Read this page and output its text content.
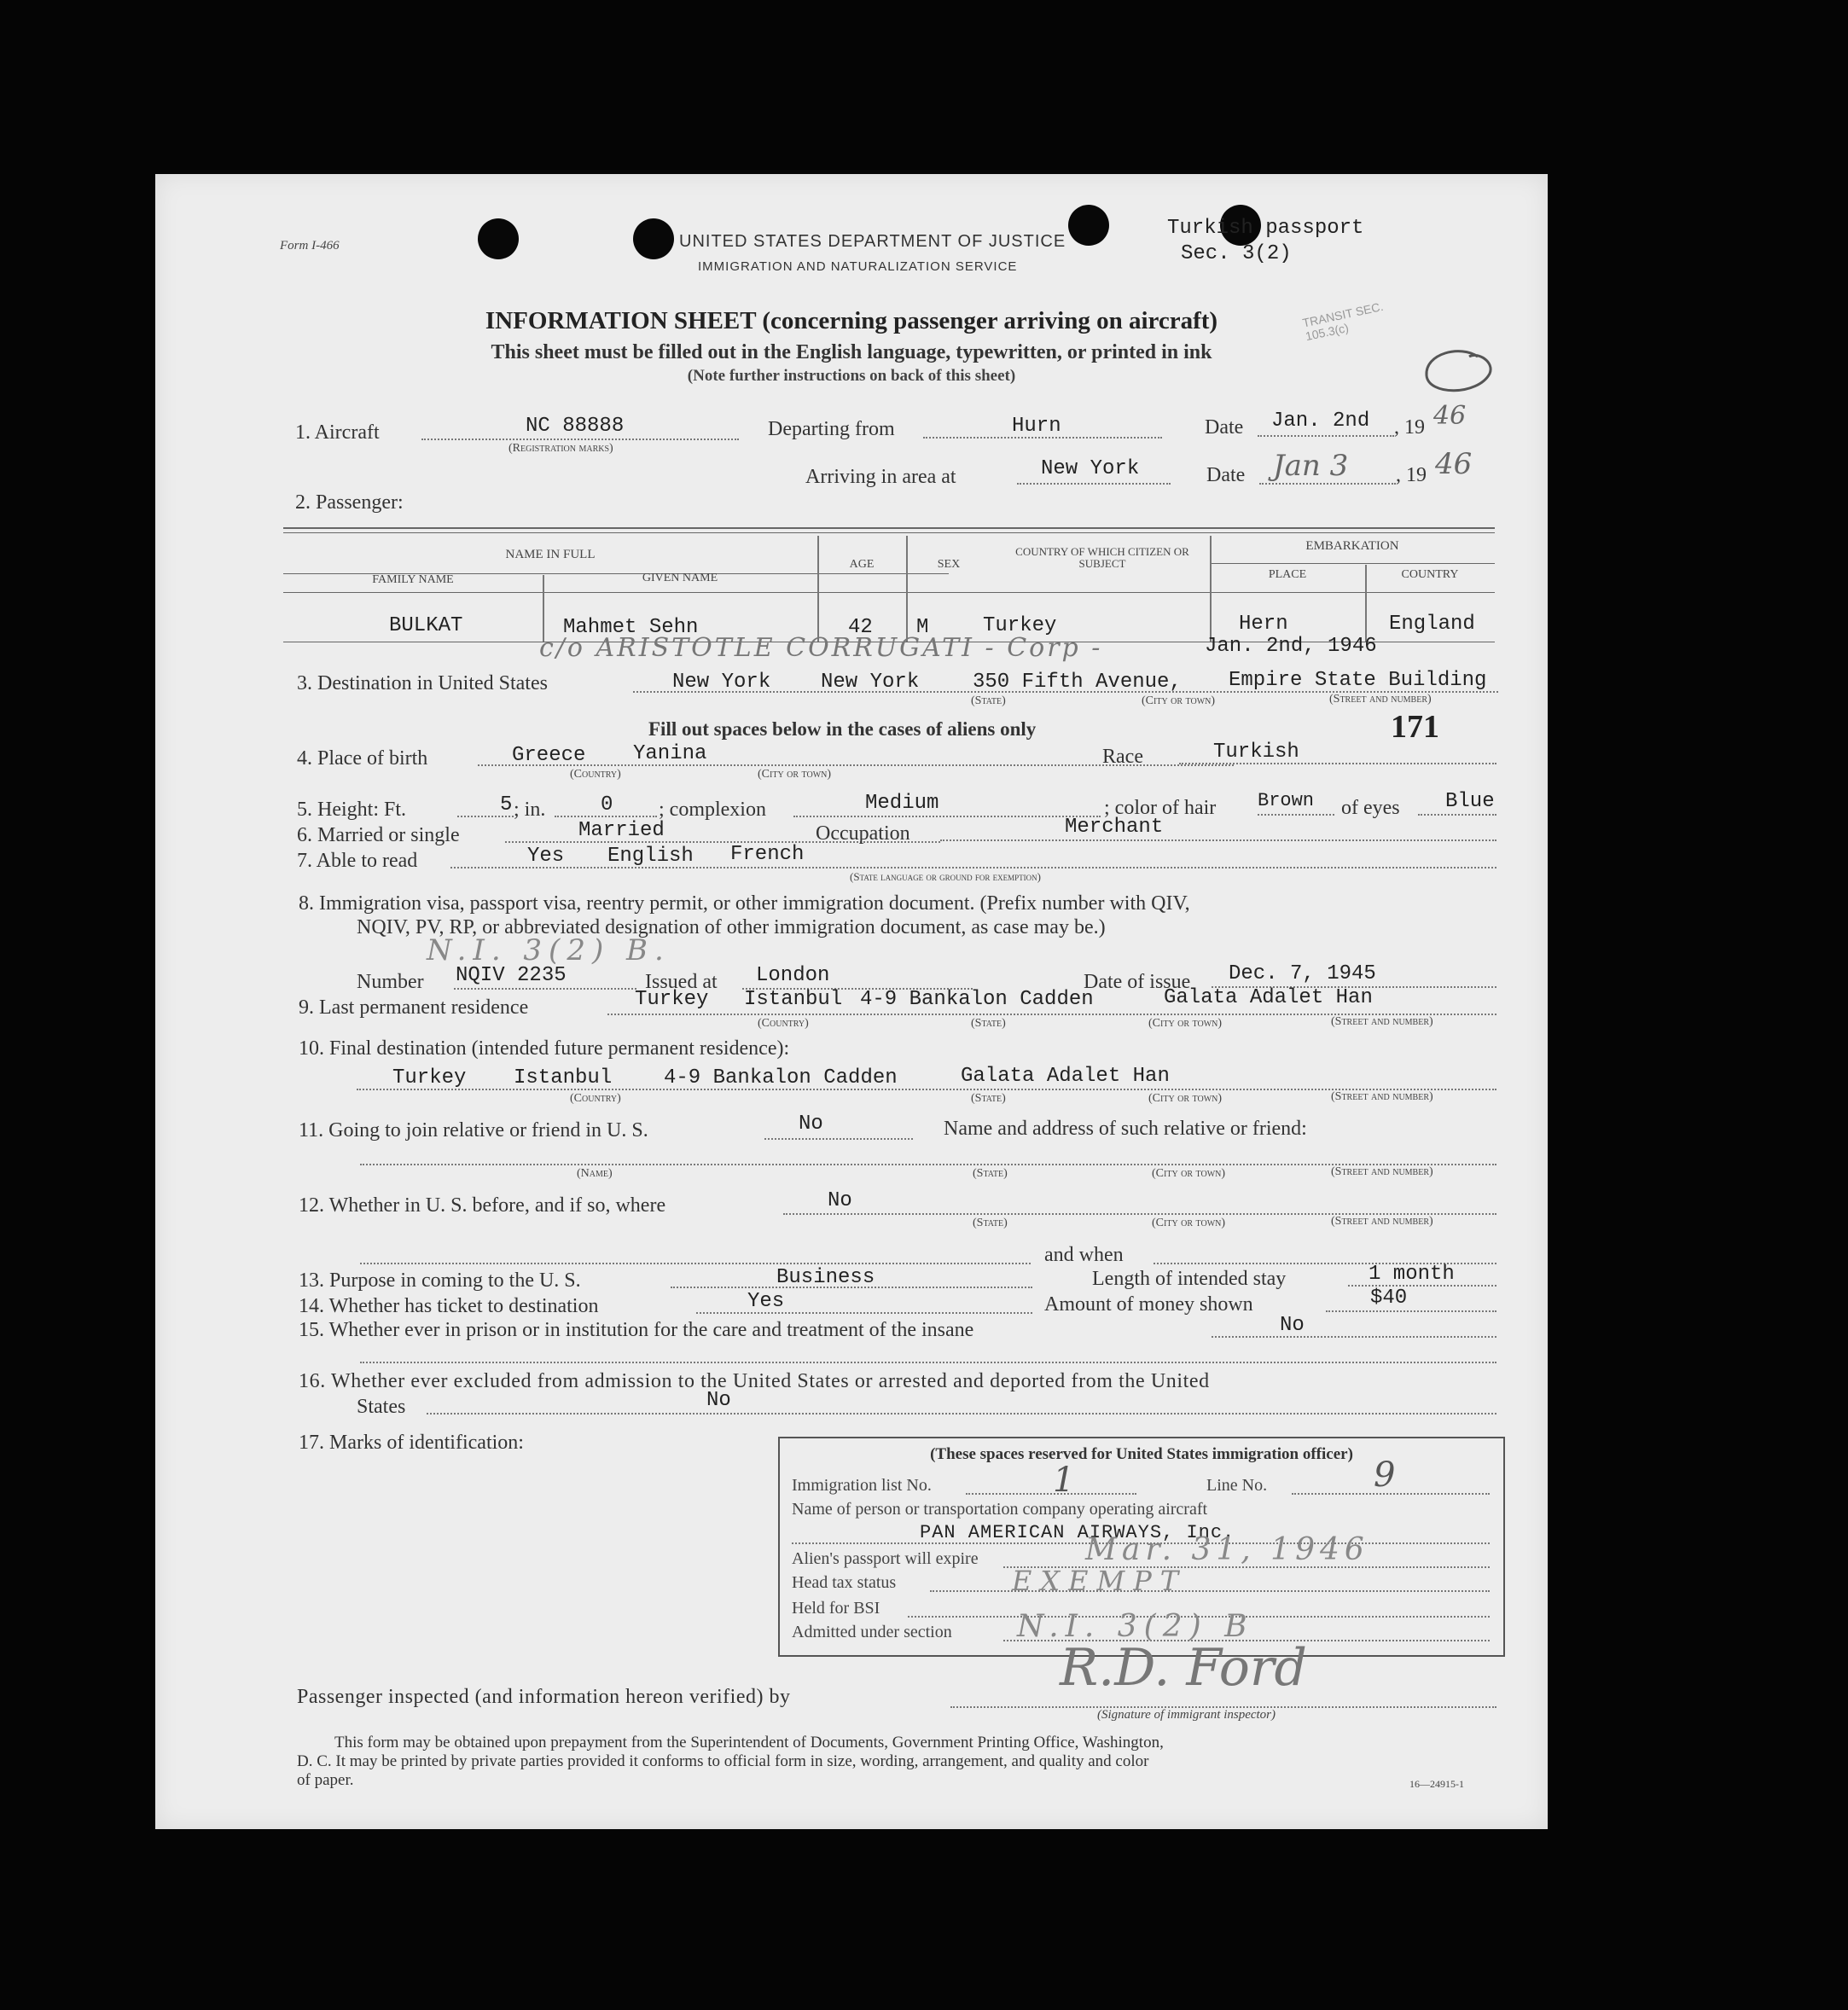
Form I-466	UNITED STATES DEPARTMENT OF JUSTICE
IMMIGRATION AND NATURALIZATION SERVICE
Turkish passport
Sec. 3(2)
TRANSIT SEC. 105.3(c)
INFORMATION SHEET (concerning passenger arriving on aircraft)
This sheet must be filled out in the English language, typewritten, or printed in ink
(Note further instructions on back of this sheet)
1. Aircraft	NC 88888
(Registration marks)
Departing from	Hurn	Date Jan. 2nd , 19 46
Arriving in area at	New York	Date Jan 3 , 19 46
2. Passenger:
NAME IN FULL
FAMILY NAME	GIVEN NAME
AGE	SEX
COUNTRY OF WHICH CITIZEN OR SUBJECT
EMBARKATION
PLACE	COUNTRY
BULKAT	Mahmet Sehn	42 M	Turkey	Hern	England
c/o ARISTOTLE CORRUGATI - Corp -	Jan. 2nd, 1946
3. Destination in United States	New York New York	350 Fifth Avenue, Empire State Building
(State)	(City or town)	(Street and number)
Fill out spaces below in the cases of aliens only	171
4. Place of birth	Greece Yanina
(Country)	(City or town)
Race	Turkish
5. Height: Ft.	5 ; in.	0 ; complexion	Medium	; color of hair Brown of eyes Blue
6. Married or single	Married	Occupation	Merchant
7. Able to read	Yes English French
(State language or ground for exemption)
8. Immigration visa, passport visa, reentry permit, or other immigration document. (Prefix number with QIV,
NQIV, PV, RP, or abbreviated designation of other immigration document, as case may be.)
N.I. 3(2) B.
Number NQIV 2235	Issued at London	Date of issue Dec. 7, 1945
9. Last permanent residence	Turkey Istanbul 4-9 Bankalon Cadden	Galata Adalet Han
(Country)	(State)	(City or town)	(Street and number)
10. Final destination (intended future permanent residence):
Turkey Istanbul	4-9 Bankalon Cadden	Galata Adalet Han
(Country)	(State)	(City or town)	(Street and number)
11. Going to join relative or friend in U. S.	No	Name and address of such relative or friend:
(Name)	(State)	(City or town)	(Street and number)
12. Whether in U. S. before, and if so, where	No
(State)	(City or town)	(Street and number)
and when
13. Purpose in coming to the U. S.	Business	Length of intended stay	1 month
14. Whether has ticket to destination	Yes	Amount of money shown	$40
15. Whether ever in prison or in institution for the care and treatment of the insane	No
16. Whether ever excluded from admission to the United States or arrested and deported from the United
States	No
17. Marks of identification:
(These spaces reserved for United States immigration officer)
Immigration list No.	1	Line No.	9
Name of person or transportation company operating aircraft
PAN AMERICAN AIRWAYS, Inc.
Alien's passport will expire	Mar. 31, 1946
Head tax status	EXEMPT
Held for BSI
Admitted under section N.I. 3(2) B
Passenger inspected (and information hereon verified) by	R.D. Ford
(Signature of immigrant inspector)
This form may be obtained upon prepayment from the Superintendent of Documents, Government Printing Office, Washington,
D. C. It may be printed by private parties provided it conforms to official form in size, wording, arrangement, and quality and color
of paper.	16—24915-1
